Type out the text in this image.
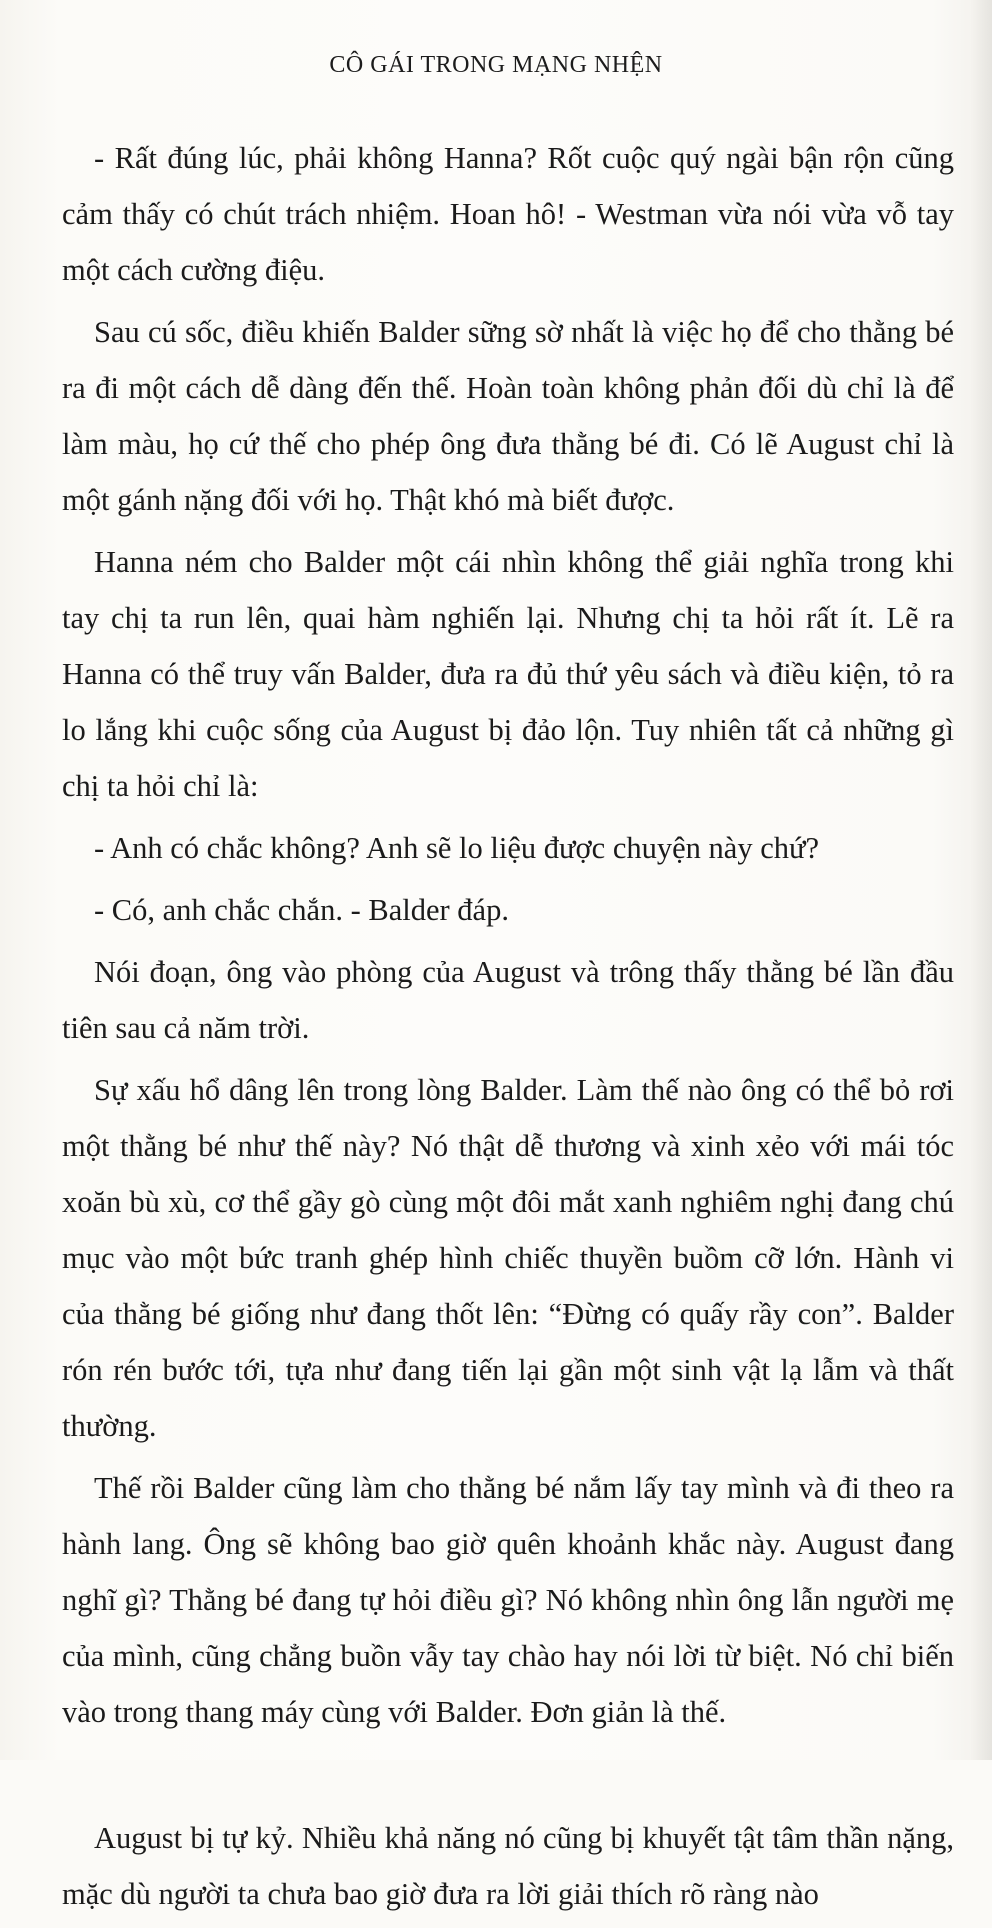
CÔ GÁI TRONG MẠNG NHỆN

- Rất đúng lúc, phải không Hanna? Rốt cuộc quý ngài bận rộn cũng cảm thấy có chút trách nhiệm. Hoan hô! - Westman vừa nói vừa vỗ tay một cách cường điệu.

Sau cú sốc, điều khiến Balder sững sờ nhất là việc họ để cho thằng bé ra đi một cách dễ dàng đến thế. Hoàn toàn không phản đối dù chỉ là để làm màu, họ cứ thế cho phép ông đưa thằng bé đi. Có lẽ August chỉ là một gánh nặng đối với họ. Thật khó mà biết được.

Hanna ném cho Balder một cái nhìn không thể giải nghĩa trong khi tay chị ta run lên, quai hàm nghiến lại. Nhưng chị ta hỏi rất ít. Lẽ ra Hanna có thể truy vấn Balder, đưa ra đủ thứ yêu sách và điều kiện, tỏ ra lo lắng khi cuộc sống của August bị đảo lộn. Tuy nhiên tất cả những gì chị ta hỏi chỉ là:

- Anh có chắc không? Anh sẽ lo liệu được chuyện này chứ?

- Có, anh chắc chắn. - Balder đáp.

Nói đoạn, ông vào phòng của August và trông thấy thằng bé lần đầu tiên sau cả năm trời.

Sự xấu hổ dâng lên trong lòng Balder. Làm thế nào ông có thể bỏ rơi một thằng bé như thế này? Nó thật dễ thương và xinh xẻo với mái tóc xoăn bù xù, cơ thể gầy gò cùng một đôi mắt xanh nghiêm nghị đang chú mục vào một bức tranh ghép hình chiếc thuyền buồm cỡ lớn. Hành vi của thằng bé giống như đang thốt lên: “Đừng có quấy rầy con”. Balder rón rén bước tới, tựa như đang tiến lại gần một sinh vật lạ lẫm và thất thường.

Thế rồi Balder cũng làm cho thằng bé nắm lấy tay mình và đi theo ra hành lang. Ông sẽ không bao giờ quên khoảnh khắc này. August đang nghĩ gì? Thằng bé đang tự hỏi điều gì? Nó không nhìn ông lẫn người mẹ của mình, cũng chẳng buồn vẫy tay chào hay nói lời từ biệt. Nó chỉ biến vào trong thang máy cùng với Balder. Đơn giản là thế.

August bị tự kỷ. Nhiều khả năng nó cũng bị khuyết tật tâm thần nặng, mặc dù người ta chưa bao giờ đưa ra lời giải thích rõ ràng nào
